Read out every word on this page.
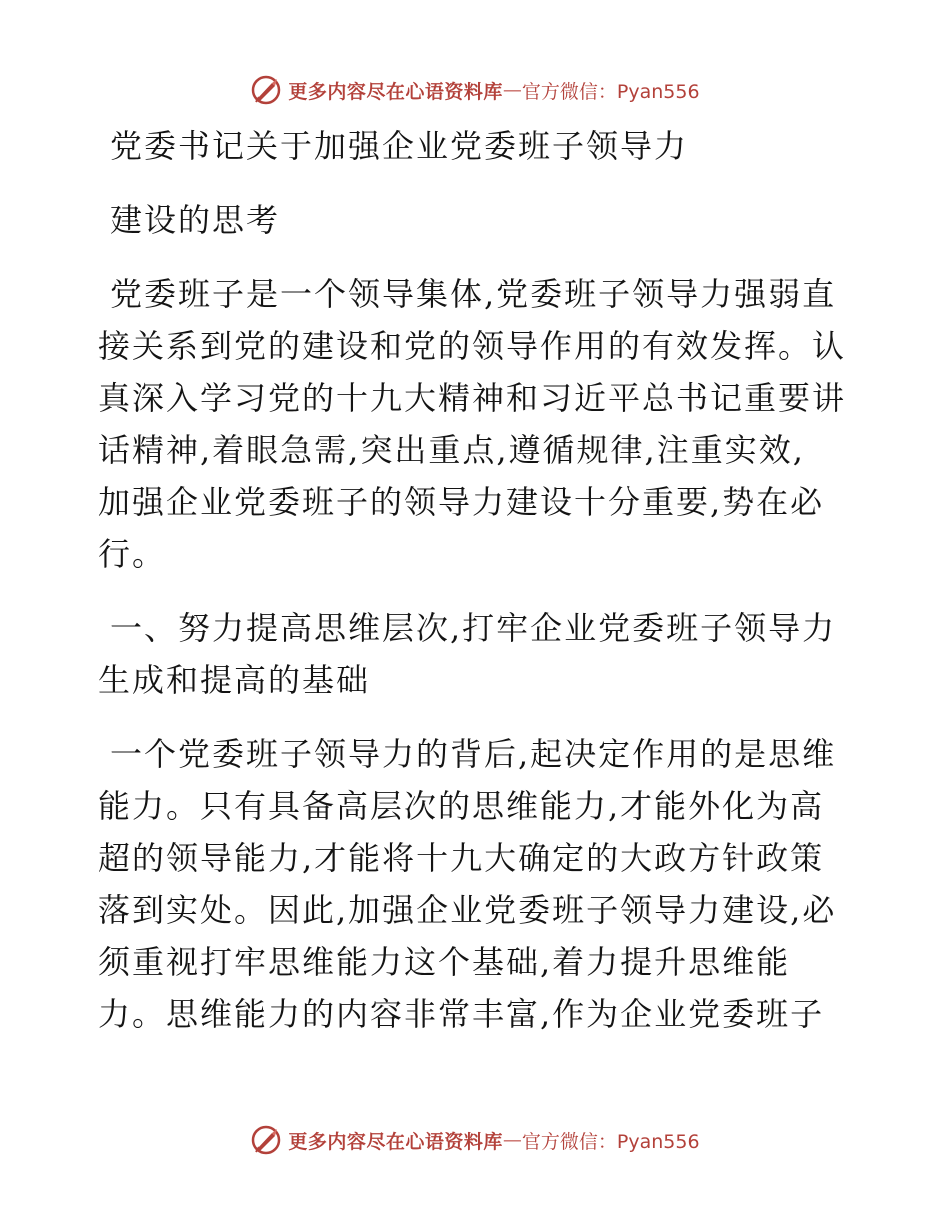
更多内容尽在心语资料库 — 官方微信：Pyan556
党委书记关于加强企业党委班子领导力
建设的思考
党委班子是一个领导集体,党委班子领导力强弱直
接关系到党的建设和党的领导作用的有效发挥。认
真深入学习党的十九大精神和习近平总书记重要讲
话精神,着眼急需,突出重点,遵循规律,注重实效,
加强企业党委班子的领导力建设十分重要,势在必
行。
一、努力提高思维层次,打牢企业党委班子领导力
生成和提高的基础
一个党委班子领导力的背后,起决定作用的是思维
能力。只有具备高层次的思维能力,才能外化为高
超的领导能力,才能将十九大确定的大政方针政策
落到实处。因此,加强企业党委班子领导力建设,必
须重视打牢思维能力这个基础,着力提升思维能
力。思维能力的内容非常丰富,作为企业党委班子
更多内容尽在心语资料库 — 官方微信：Pyan556
